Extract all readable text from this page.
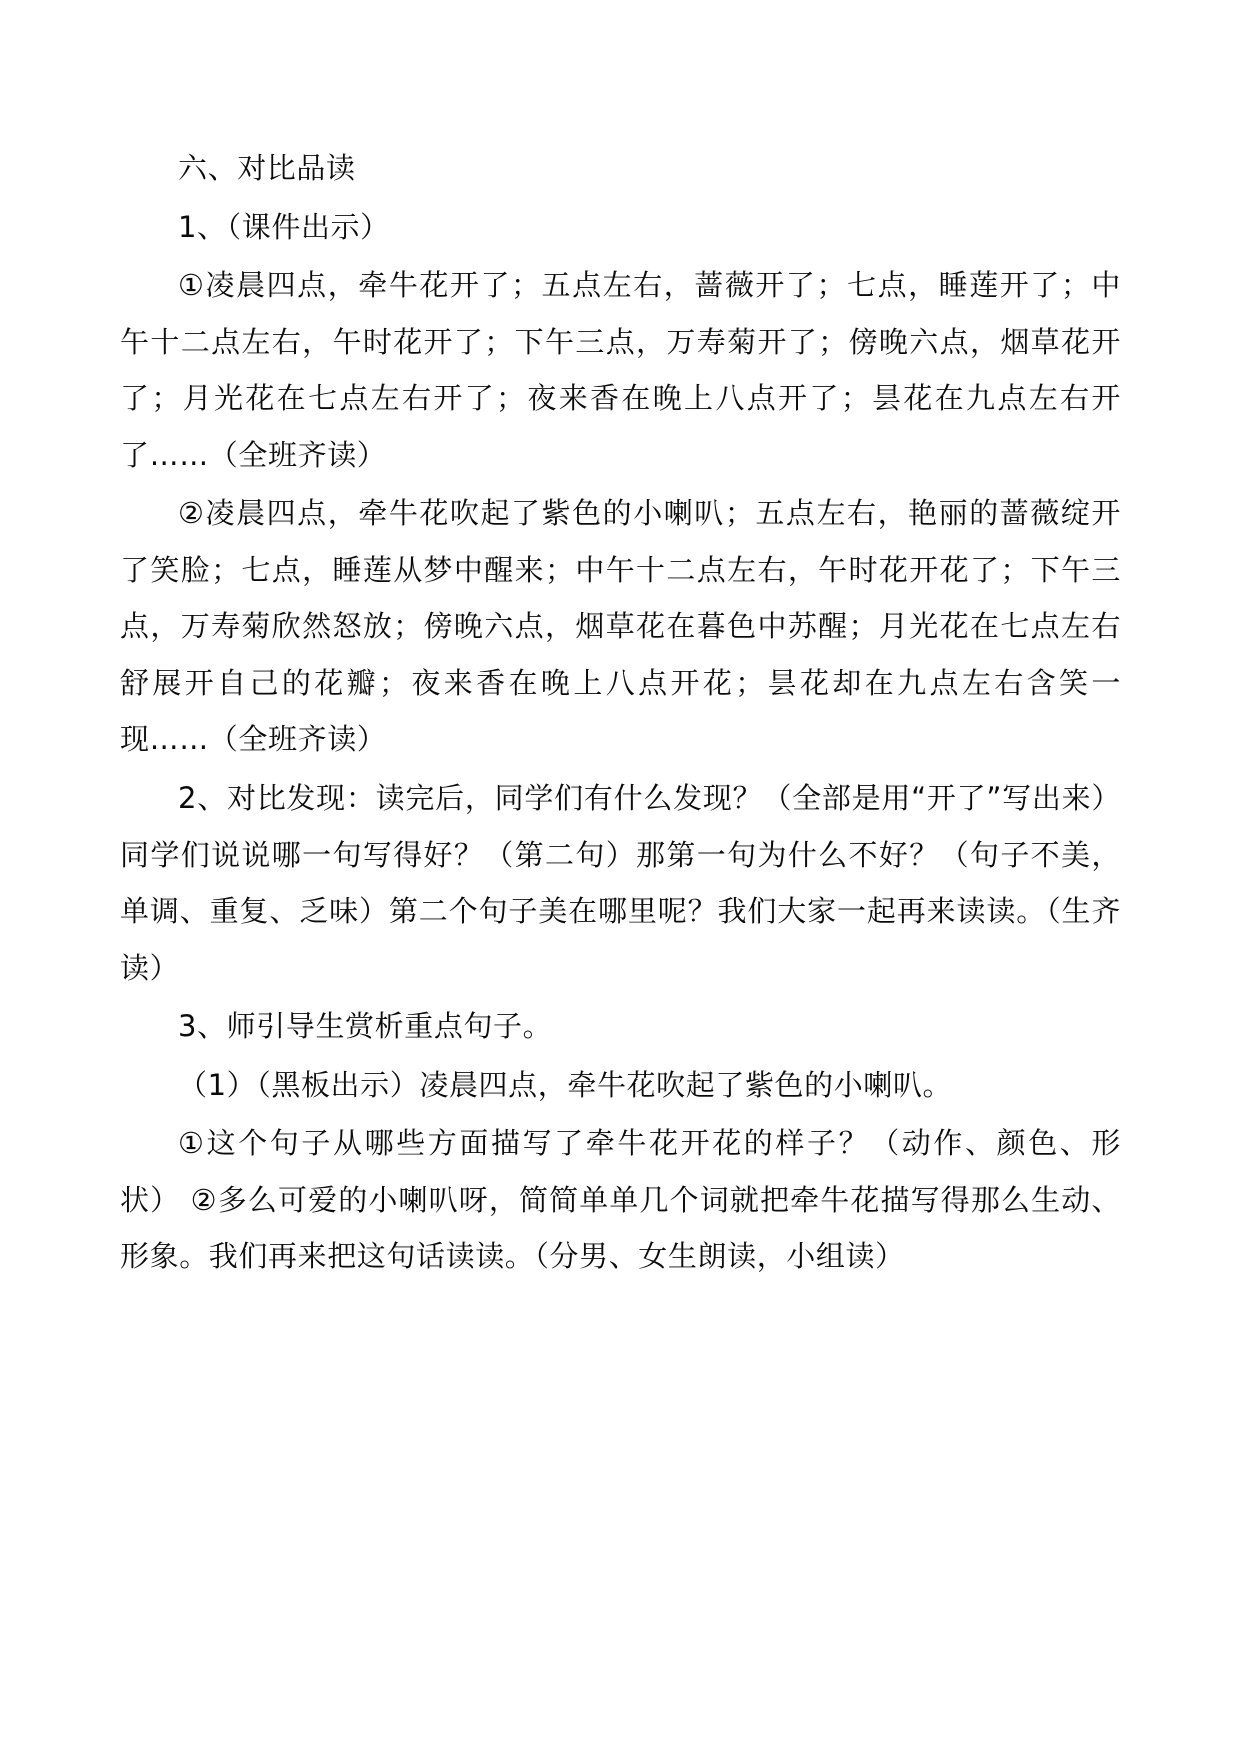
六、对比品读

1、（课件出示）

①凌晨四点，牵牛花开了；五点左右，蔷薇开了；七点，睡莲开了；中午十二点左右，午时花开了；下午三点，万寿菊开了；傍晚六点，烟草花开了；月光花在七点左右开了；夜来香在晚上八点开了；昙花在九点左右开了……（全班齐读）

②凌晨四点，牵牛花吹起了紫色的小喇叭；五点左右，艳丽的蔷薇绽开了笑脸；七点，睡莲从梦中醒来；中午十二点左右，午时花开花了；下午三点，万寿菊欣然怒放；傍晚六点，烟草花在暮色中苏醒；月光花在七点左右舒展开自己的花瓣；夜来香在晚上八点开花；昙花却在九点左右含笑一现……（全班齐读）

2、对比发现：读完后，同学们有什么发现？（全部是用“开了”写出来） 同学们说说哪一句写得好？（第二句）那第一句为什么不好？（句子不美，单调、重复、乏味）第二个句子美在哪里呢？我们大家一起再来读读。（生齐读）

3、师引导生赏析重点句子。

（1）（黑板出示）凌晨四点，牵牛花吹起了紫色的小喇叭。

①这个句子从哪些方面描写了牵牛花开花的样子？（动作、颜色、形状） ②多么可爱的小喇叭呀，简简单单几个词就把牵牛花描写得那么生动、形象。我们再来把这句话读读。（分男、女生朗读，小组读）
